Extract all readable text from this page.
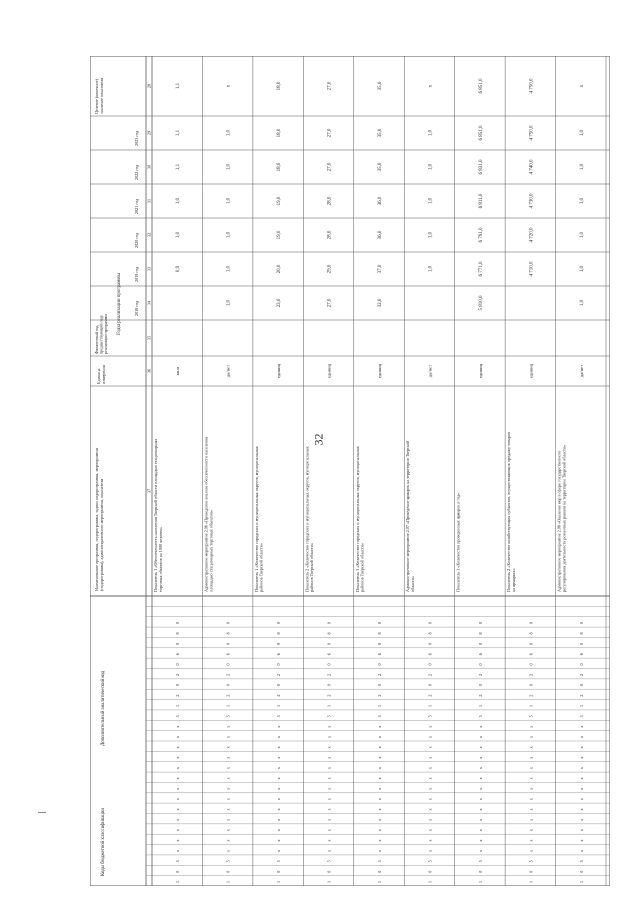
32
Целевое (конечное)значение показателя
Годы реализации программы	2018 год
2019 год
2020 год
2021 год
2022 год
2023 год
Финансовый год,предшествующий годуреализации программы
Единицаизмерения
Наименование программы, подпрограммы, задачи подпрограммы, мероприятия(подпрограммы), административного мероприятия, показателя
Коды бюджетной классификации
Дополнительный аналитический код
28
29
30
31
32
33
34
35
36
37
1,1
0,9
1,0
1,0
1,1
1,1
кв.м
Показатель 1 «Обеспеченность населения Тверской области площадью стационарныхторговых объектов на 1000 человек»
1
0
5
х
х
х
х
х
х
х
х
х
х
х
х
х
5
1
2
0
2
0
6
0
8
0
х
1,0
1,0
1,0
1,0
1,0
1,0
да/нет
Административное мероприятие 2.06 «Проведение анализа обеспеченности населенияплощадью стационарных торговых объектов»
1
0
5
х
х
х
х
х
х
х
х
х
х
х
х
х
5
1
2
0
2
0
6
0
8
0
18,0
23,0
20,0
19,0
19,0
18,0
18,0
единиц
Показатель 1 «Количество городских и муниципальных округов, муниципальныхрайонов Тверской области»
1
0
5
х
х
х
х
х
х
х
х
х
х
х
х
х
5
1
2
0
2
0
6
0
8
0
27,0
27,0
29,0
28,0
28,0
27,0
27,0
единиц
Показатель 2 «Количество городских и муниципальных округов, муниципальныхрайонов Тверской области»
1
0
5
х
х
х
х
х
х
х
х
х
х
х
х
х
5
1
2
0
2
0
6
0
8
0
35,0
32,0
37,0
36,0
36,0
35,0
35,0
единиц
Показатель 3 «Количество городских и муниципальных округов, муниципальныхрайонов Тверской области»
1
0
5
х
х
х
х
х
х
х
х
х
х
х
х
х
5
1
2
0
2
0
6
0
8
0
х
1,0
1,0
1,0
1,0
1,0
да/нет
Административное мероприятие 2.07 «Проведение ярмарок на территории Тверскойобласти»
1
0
5
х
х
х
х
х
х
х
х
х
х
х
х
х
5
1
2
0
2
0
6
0
8
0
6 851,0
5 810,0
6 771,0
6 791,0
6 811,0
6 831,0
6 851,0
единиц
Показатель 1 «Количество проведенных ярмарок в год»
1
0
5
х
х
х
х
х
х
х
х
х
х
х
х
х
5
1
2
0
2
0
6
0
8
0
4 750,0
4 710,0
4 720,0
4 730,0
4 740,0
4 750,0
единиц
Показатель 2 «Количество хозяйствующих субъектов, осуществляющих продажу товаровна ярмарках»
1
0
5
х
х
х
х
х
х
х
х
х
х
х
х
х
5
1
2
0
2
0
6
0
8
0
х
1,0
1,0
1,0
1,0
1,0
1,0
да/нет
Административное мероприятие 2.08 «Оказание мер в сфере государственногорегулирования деятельности розничных рынков на территории Тверской области»
1
0
5
х
х
х
х
х
х
х
х
х
х
х
х
х
5
1
2
0
2
0
6
0
8
0
